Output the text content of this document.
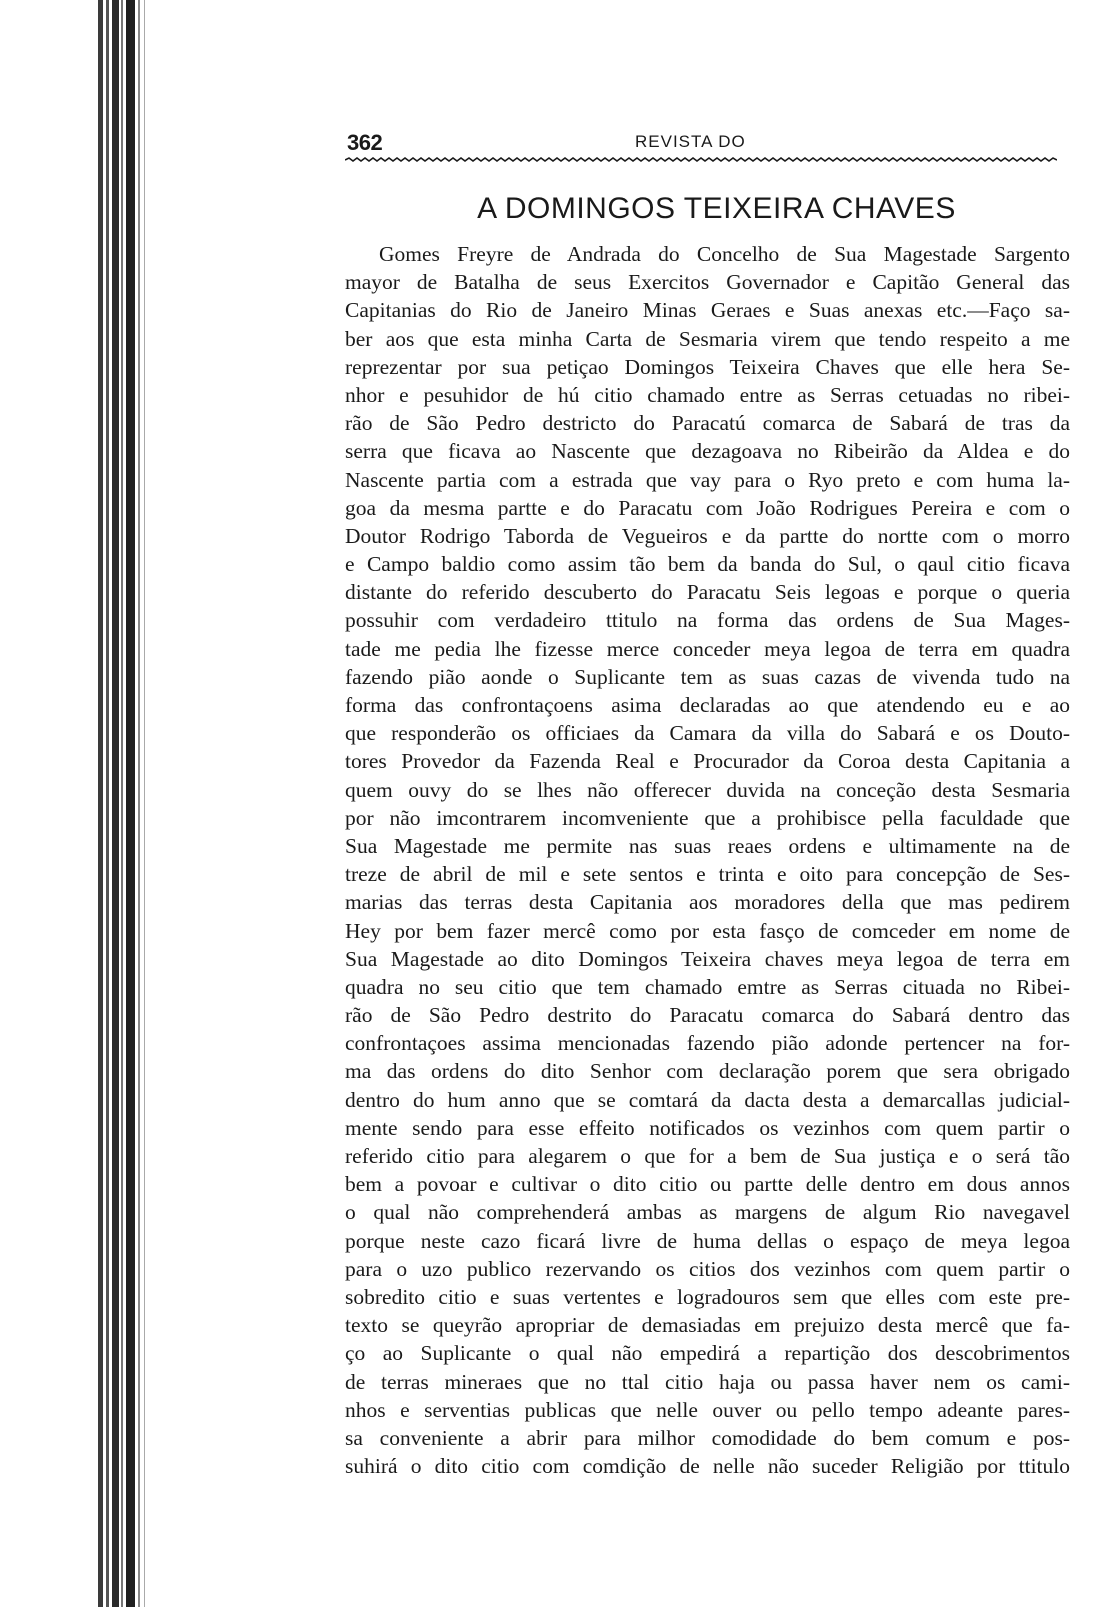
362	REVISTA DO
A DOMINGOS TEIXEIRA CHAVES
Gomes Freyre de Andrada do Concelho de Sua Magestade Sargento
mayor de Batalha de seus Exercitos Governador e Capitão General das
Capitanias do Rio de Janeiro Minas Geraes e Suas anexas etc.—Faço sa-
ber aos que esta minha Carta de Sesmaria virem que tendo respeito a me
reprezentar por sua petiçao Domingos Teixeira Chaves que elle hera Se-
nhor e pesuhidor de hú citio chamado entre as Serras cetuadas no ribei-
rão de São Pedro destricto do Paracatú comarca de Sabará de tras da
serra que ficava ao Nascente que dezagoava no Ribeirão da Aldea e do
Nascente partia com a estrada que vay para o Ryo preto e com huma la-
goa da mesma partte e do Paracatu com João Rodrigues Pereira e com o
Doutor Rodrigo Taborda de Vegueiros e da partte do nortte com o morro
e Campo baldio como assim tão bem da banda do Sul, o qaul citio ficava
distante do referido descuberto do Paracatu Seis legoas e porque o queria
possuhir com verdadeiro ttitulo na forma das ordens de Sua Mages-
tade me pedia lhe fizesse merce conceder meya legoa de terra em quadra
fazendo pião aonde o Suplicante tem as suas cazas de vivenda tudo na
forma das confrontaçoens asima declaradas ao que atendendo eu e ao
que responderão os officiaes da Camara da villa do Sabará e os Douto-
tores Provedor da Fazenda Real e Procurador da Coroa desta Capitania a
quem ouvy do se lhes não offerecer duvida na conceção desta Sesmaria
por não imcontrarem incomveniente que a prohibisce pella faculdade que
Sua Magestade me permite nas suas reaes ordens e ultimamente na de
treze de abril de mil e sete sentos e trinta e oito para concepção de Ses-
marias das terras desta Capitania aos moradores della que mas pedirem
Hey por bem fazer mercê como por esta fasço de comceder em nome de
Sua Magestade ao dito Domingos Teixeira chaves meya legoa de terra em
quadra no seu citio que tem chamado emtre as Serras cituada no Ribei-
rão de São Pedro destrito do Paracatu comarca do Sabará dentro das
confrontaçoes assima mencionadas fazendo pião adonde pertencer na for-
ma das ordens do dito Senhor com declaração porem que sera obrigado
dentro do hum anno que se comtará da dacta desta a demarcallas judicial-
mente sendo para esse effeito notificados os vezinhos com quem partir o
referido citio para alegarem o que for a bem de Sua justiça e o será tão
bem a povoar e cultivar o dito citio ou partte delle dentro em dous annos
o qual não comprehenderá ambas as margens de algum Rio navegavel
porque neste cazo ficará livre de huma dellas o espaço de meya legoa
para o uzo publico rezervando os citios dos vezinhos com quem partir o
sobredito citio e suas vertentes e logradouros sem que elles com este pre-
texto se queyrão apropriar de demasiadas em prejuizo desta mercê que fa-
ço ao Suplicante o qual não empedirá a repartição dos descobrimentos
de terras mineraes que no ttal citio haja ou passa haver nem os cami-
nhos e serventias publicas que nelle ouver ou pello tempo adeante pares-
sa conveniente a abrir para milhor comodidade do bem comum e pos-
suhirá o dito citio com comdição de nelle não suceder Religião por ttitulo
